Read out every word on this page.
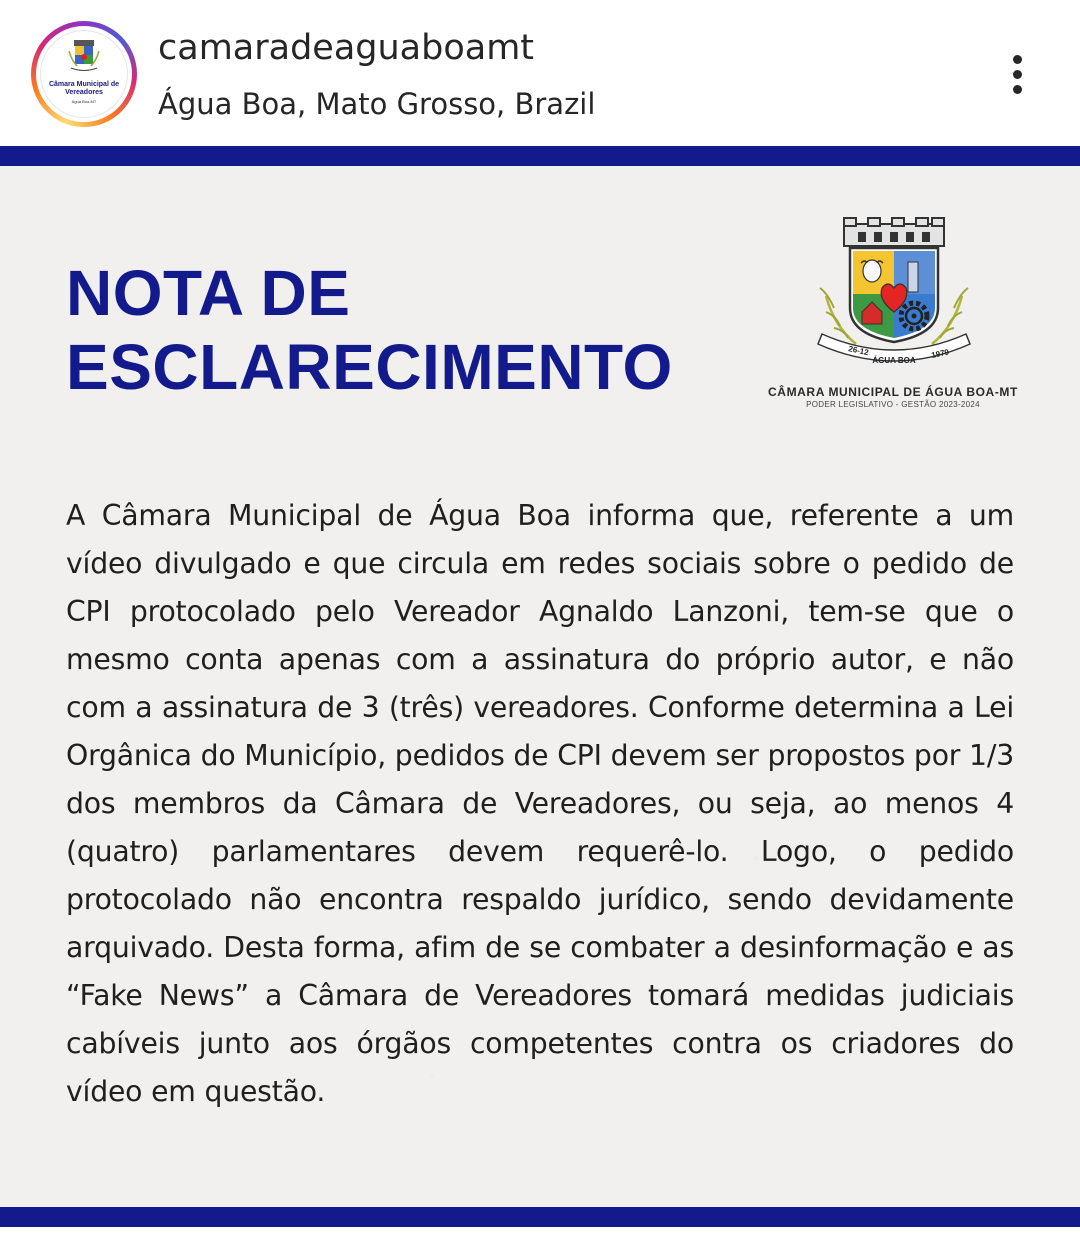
Câmara Municipal de Vereadores
Água Boa-MT
camaradeaguaboamt
Água Boa, Mato Grosso, Brazil
NOTA DE
ESCLARECIMENTO	26-12
ÁGUA BOA
1979
CÂMARA MUNICIPAL DE ÁGUA BOA-MT
PODER LEGISLATIVO - GESTÃO 2023-2024

A Câmara Municipal de Água Boa informa que, referente a um vídeo divulgado e que circula em redes sociais sobre o pedido de CPI protocolado pelo Vereador Agnaldo Lanzoni, tem-se que o mesmo conta apenas com a assinatura do próprio autor, e não com a assinatura de 3 (três) vereadores. Conforme determina a Lei Orgânica do Município, pedidos de CPI devem ser propostos por 1/3 dos membros da Câmara de Vereadores, ou seja, ao menos 4 (quatro) parlamentares devem requerê-lo. Logo, o pedido protocolado não encontra respaldo jurídico, sendo devidamente arquivado. Desta forma, afim de se combater a desinformação e as “Fake News” a Câmara de Vereadores tomará medidas judiciais cabíveis junto aos órgãos competentes contra os criadores do vídeo em questão.
